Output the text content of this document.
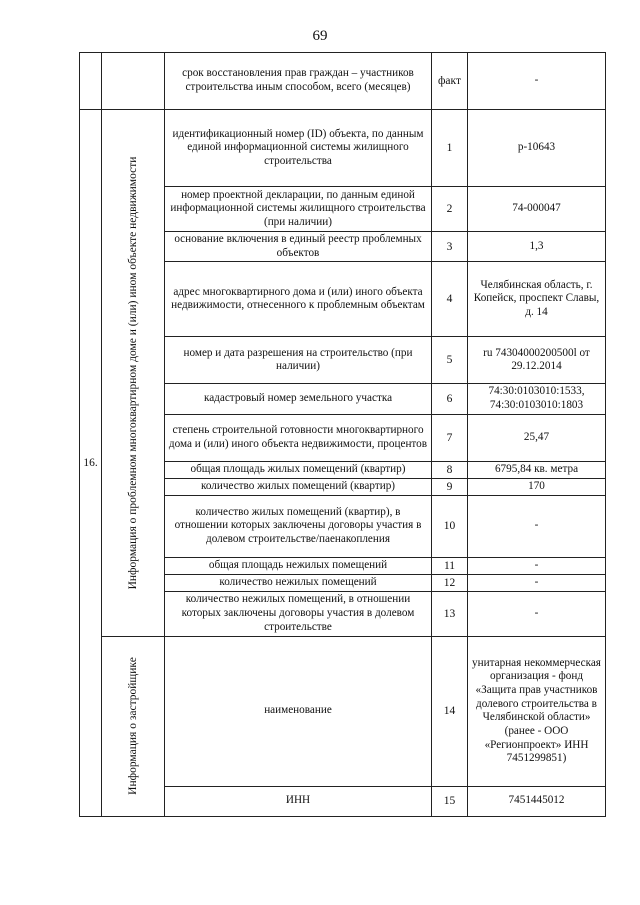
69
		срок восстановления прав граждан – участников строительства иным способом, всего (месяцев)	факт	-
16.	Информация о проблемном многоквартирном доме и (или) ином объекте недвижимости	идентификационный номер (ID) объекта, по данным единой информационной системы жилищного строительства	1	р-10643
		номер проектной декларации, по данным единой информационной системы жилищного строительства (при наличии)	2	74-000047
		основание включения в единый реестр проблемных объектов	3	1,3
		адрес многоквартирного дома и (или) иного объекта недвижимости, отнесенного к проблемным объектам	4	Челябинская область, г. Копейск, проспект Славы, д. 14
		номер и дата разрешения на строительство (при наличии)	5	ru 74304000200500l от 29.12.2014
		кадастровый номер земельного участка	6	74:30:0103010:1533, 74:30:0103010:1803
		степень строительной готовности многоквартирного дома и (или) иного объекта недвижимости, процентов	7	25,47
		общая площадь жилых помещений (квартир)	8	6795,84 кв. метра
		количество жилых помещений (квартир)	9	170
		количество жилых помещений (квартир), в отношении которых заключены договоры участия в долевом строительстве/паенакопления	10	-
		общая площадь нежилых помещений	11	-
		количество нежилых помещений	12	-
		количество нежилых помещений, в отношении которых заключены договоры участия в долевом строительстве	13	-

	Информация о застройщике	наименование	14	унитарная некоммерческая организация - фонд «Защита прав участников долевого строительства в Челябинской области» (ранее - ООО «Регионпроект» ИНН 7451299851)
		ИНН	15	7451445012
